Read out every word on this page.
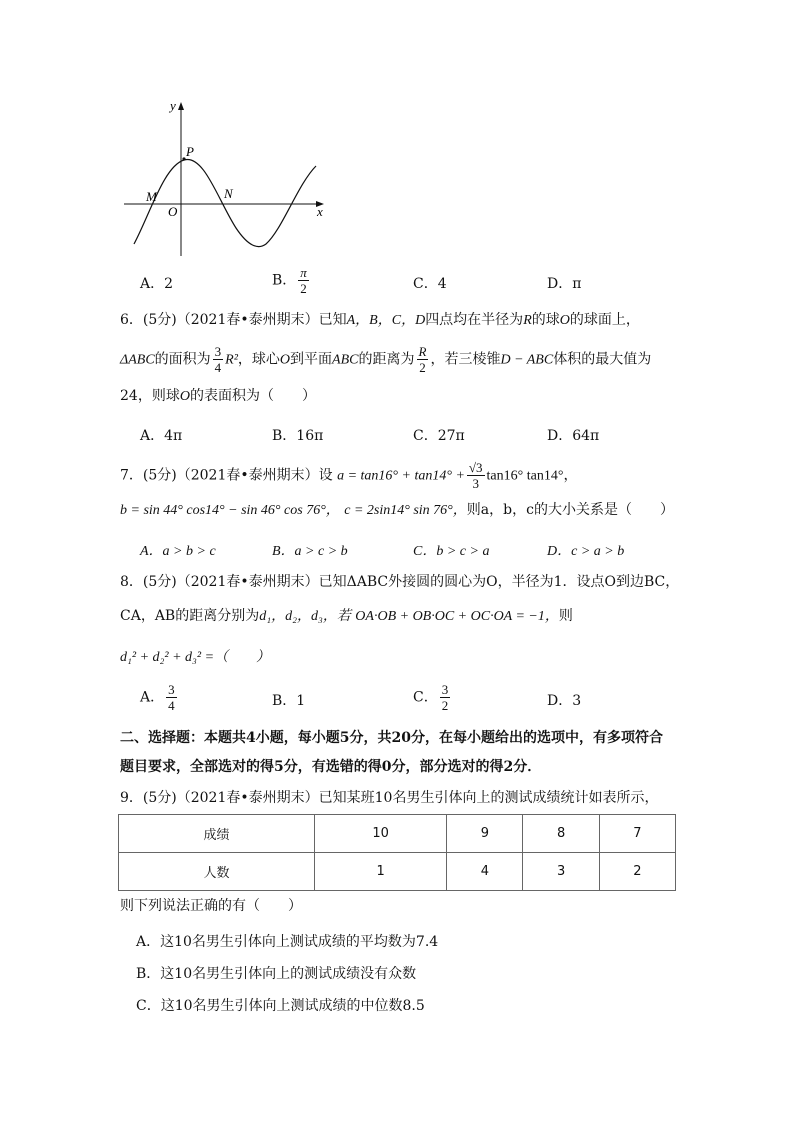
y
x
O
P
M	N
A．2	B． $\frac{\pi}{2}$	C．4	D．π
6．(5分)（2021春•泰州期末）已知A，B，C，D四点均在半径为R的球O的球面上，
ΔABC的面积为 $\frac{3}{4} R^2$，球心O到平面ABC的距离为 $\frac{R}{2}$ ，若三棱锥D − ABC体积的最大值为
24，则球O的表面积为（　　）
A．4π	B．16π	C．27π	D．64π
7．(5分)（2021春•泰州期末）设 $a = \tan 16^\circ + \tan 14^\circ + \frac{√3}{3} \tan 16^\circ$ tan14°，
b = sin 44° cos14° − sin 46° cos 76°， c = 2sin14° sin 76°，则a，b，c的大小关系是（　　）
A．a > b > c	B．a > c > b	C．b > c > a	D．c > a > b
8．(5分)（2021春•泰州期末）已知ΔABC外接圆的圆心为O，半径为1．设点O到边BC，
CA，AB的距离分别为d₁，d₂，d₃，若 OA·OB + OB·OC + OC·OA = −1，则
d₁² + d₂² + d₃² =（　　）
A． $\frac{3}{4}$	B．1	C． $\frac{3}{2}$	D．3
二、选择题：本题共4小题，每小题5分，共20分，在每小题给出的选项中，有多项符合
题目要求，全部选对的得5分，有选错的得0分，部分选对的得2分．
9．(5分)（2021春•泰州期末）已知某班10名男生引体向上的测试成绩统计如表所示，
成绩	10	9	8	7
人数	1	4	3	2
则下列说法正确的有（　　）
A．这10名男生引体向上测试成绩的平均数为7.4
B．这10名男生引体向上的测试成绩没有众数
C．这10名男生引体向上测试成绩的中位数8.5
